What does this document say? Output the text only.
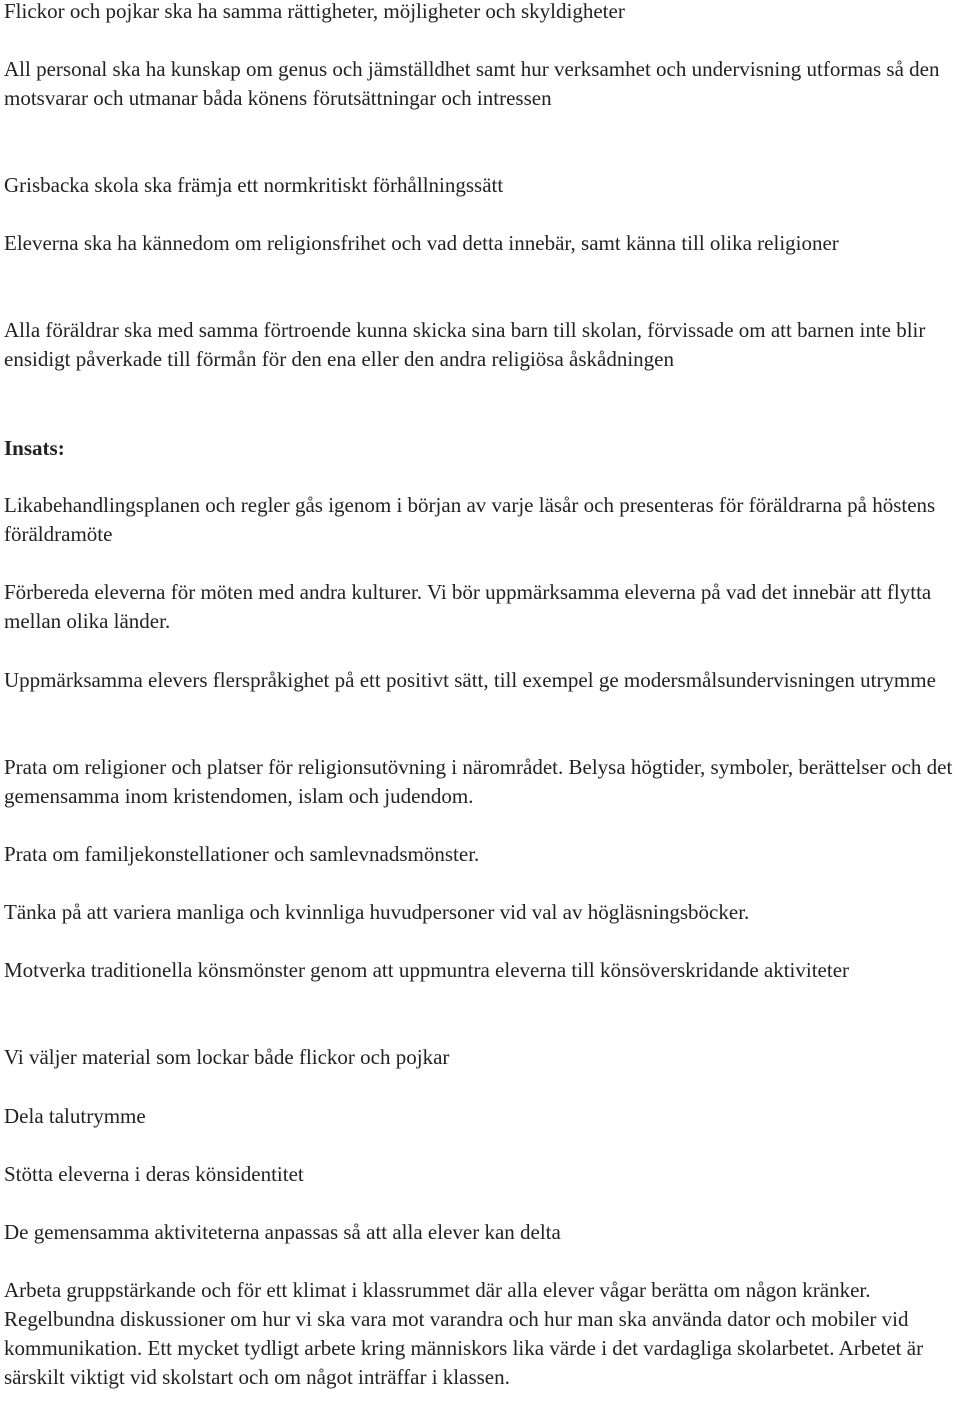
Flickor och pojkar ska ha samma rättigheter, möjligheter och skyldigheter

All personal ska ha kunskap om genus och jämställdhet samt hur verksamhet och undervisning utformas så den motsvarar och utmanar båda könens förutsättningar och intressen

Grisbacka skola ska främja ett normkritiskt förhållningssätt

Eleverna ska ha kännedom om religionsfrihet och vad detta innebär, samt känna till olika religioner

Alla föräldrar ska med samma förtroende kunna skicka sina barn till skolan, förvissade om att barnen inte blir ensidigt påverkade till förmån för den ena eller den andra religiösa åskådningen

Insats:

Likabehandlingsplanen och regler gås igenom i början av varje läsår och presenteras för föräldrarna på höstens föräldramöte

Förbereda eleverna för möten med andra kulturer. Vi bör uppmärksamma eleverna på vad det innebär att flytta mellan olika länder.

Uppmärksamma elevers flerspråkighet på ett positivt sätt, till exempel ge modersmålsundervisningen utrymme

Prata om religioner och platser för religionsutövning i närområdet. Belysa högtider, symboler, berättelser och det gemensamma inom kristendomen, islam och judendom.

Prata om familjekonstellationer och samlevnadsmönster.

Tänka på att variera manliga och kvinnliga huvudpersoner vid val av högläsningsböcker.

Motverka traditionella könsmönster genom att uppmuntra eleverna till könsöverskridande aktiviteter

Vi väljer material som lockar både flickor och pojkar

Dela talutrymme

Stötta eleverna i deras könsidentitet

De gemensamma aktiviteterna anpassas så att alla elever kan delta

Arbeta gruppstärkande och för ett klimat i klassrummet där alla elever vågar berätta om någon kränker. Regelbundna diskussioner om hur vi ska vara mot varandra och hur man ska använda dator och mobiler vid kommunikation. Ett mycket tydligt arbete kring människors lika värde i det vardagliga skolarbetet. Arbetet är särskilt viktigt vid skolstart och om något inträffar i klassen.
